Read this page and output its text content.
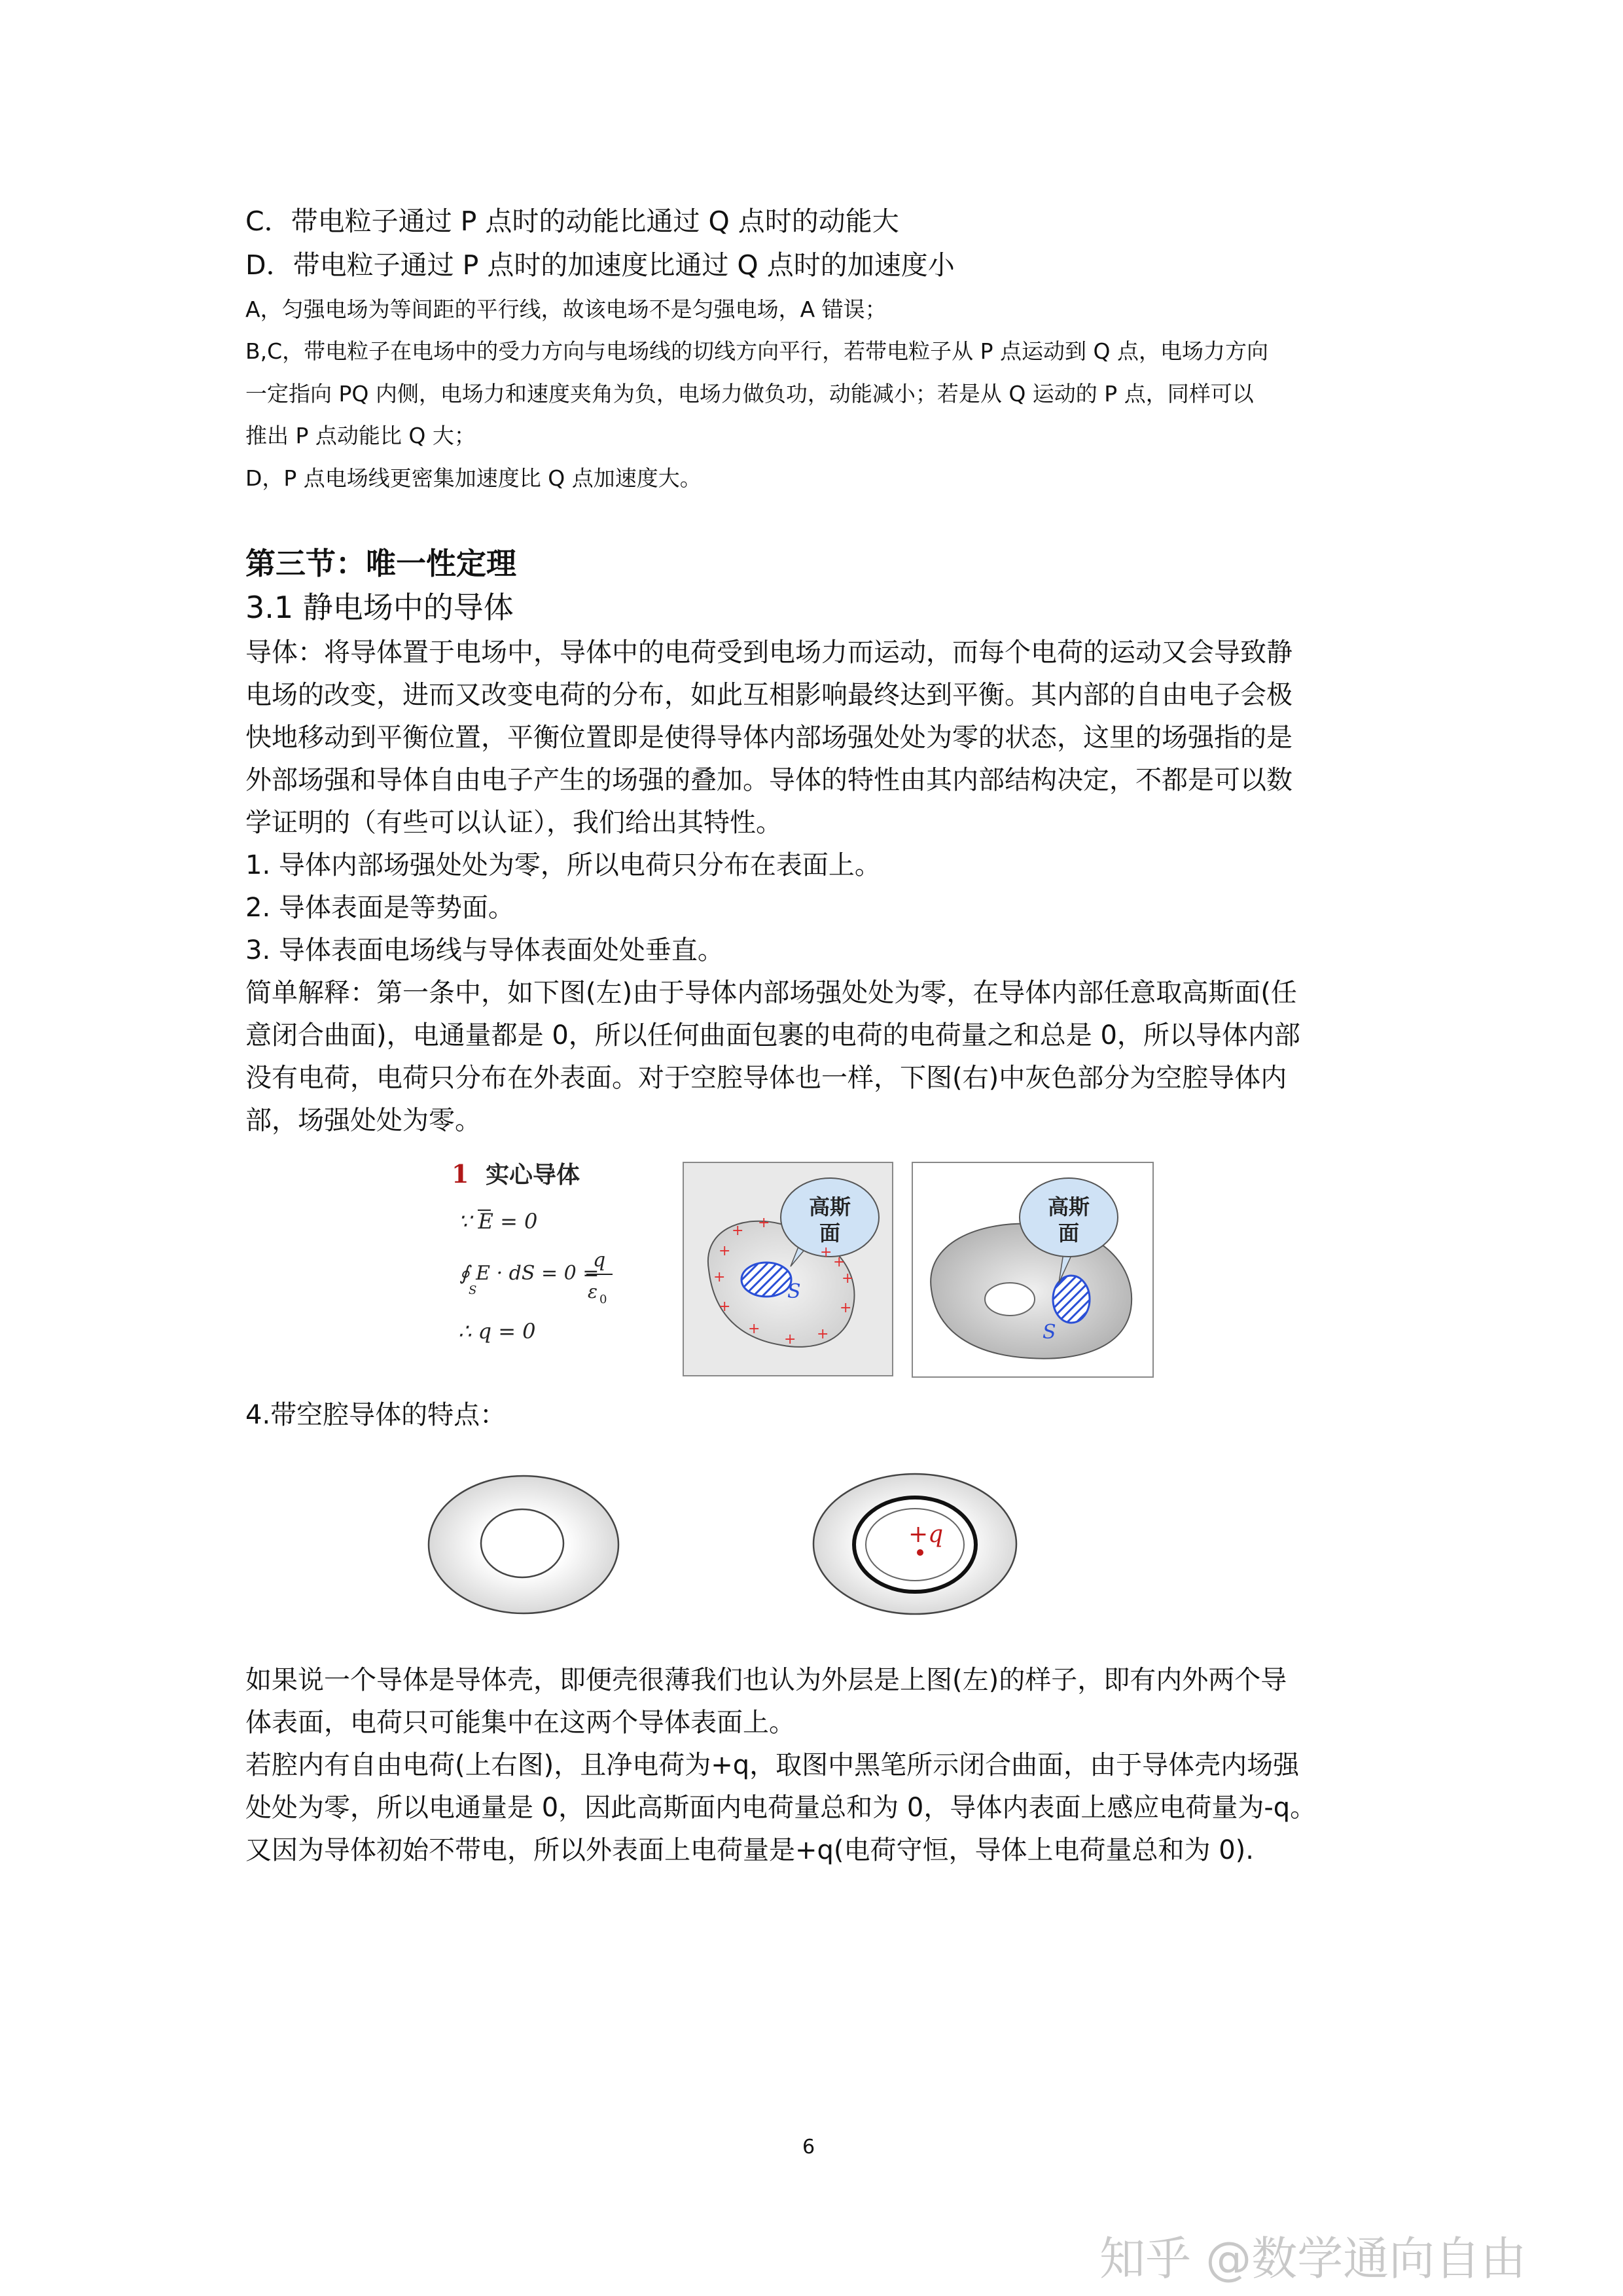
C．带电粒子通过 P 点时的动能比通过 Q 点时的动能大
D．带电粒子通过 P 点时的加速度比通过 Q 点时的加速度小
A，匀强电场为等间距的平行线，故该电场不是匀强电场，A 错误；
B,C，带电粒子在电场中的受力方向与电场线的切线方向平行，若带电粒子从 P 点运动到 Q 点，电场力方向
一定指向 PQ 内侧，电场力和速度夹角为负，电场力做负功，动能减小；若是从 Q 运动的 P 点，同样可以
推出 P 点动能比 Q 大；
D，P 点电场线更密集加速度比 Q 点加速度大。
第三节：唯一性定理
3.1 静电场中的导体
导体：将导体置于电场中，导体中的电荷受到电场力而运动，而每个电荷的运动又会导致静
电场的改变，进而又改变电荷的分布，如此互相影响最终达到平衡。其内部的自由电子会极
快地移动到平衡位置，平衡位置即是使得导体内部场强处处为零的状态，这里的场强指的是
外部场强和导体自由电子产生的场强的叠加。导体的特性由其内部结构决定，不都是可以数
学证明的（有些可以认证），我们给出其特性。
1. 导体内部场强处处为零，所以电荷只分布在表面上。
2. 导体表面是等势面。
3. 导体表面电场线与导体表面处处垂直。
简单解释：第一条中，如下图(左)由于导体内部场强处处为零，在导体内部任意取高斯面(任
意闭合曲面)，电通量都是 0，所以任何曲面包裹的电荷的电荷量之和总是 0，所以导体内部
没有电荷，电荷只分布在外表面。对于空腔导体也一样，下图(右)中灰色部分为空腔导体内
部，场强处处为零。
1 实心导体
∵ E = 0
∮ E · dS = 0 =
S
q
ε 0
∴ q = 0
S
高斯
面
+
+
+
+ +
+
+
+
+
+
+
+
S
高斯
面
4.带空腔导体的特点：
+q
如果说一个导体是导体壳，即便壳很薄我们也认为外层是上图(左)的样子，即有内外两个导
体表面，电荷只可能集中在这两个导体表面上。
若腔内有自由电荷(上右图)，且净电荷为+q，取图中黑笔所示闭合曲面，由于导体壳内场强
处处为零，所以电通量是 0，因此高斯面内电荷量总和为 0，导体内表面上感应电荷量为-q。
又因为导体初始不带电，所以外表面上电荷量是+q(电荷守恒，导体上电荷量总和为 0).
6
知乎 @数学通向自由
